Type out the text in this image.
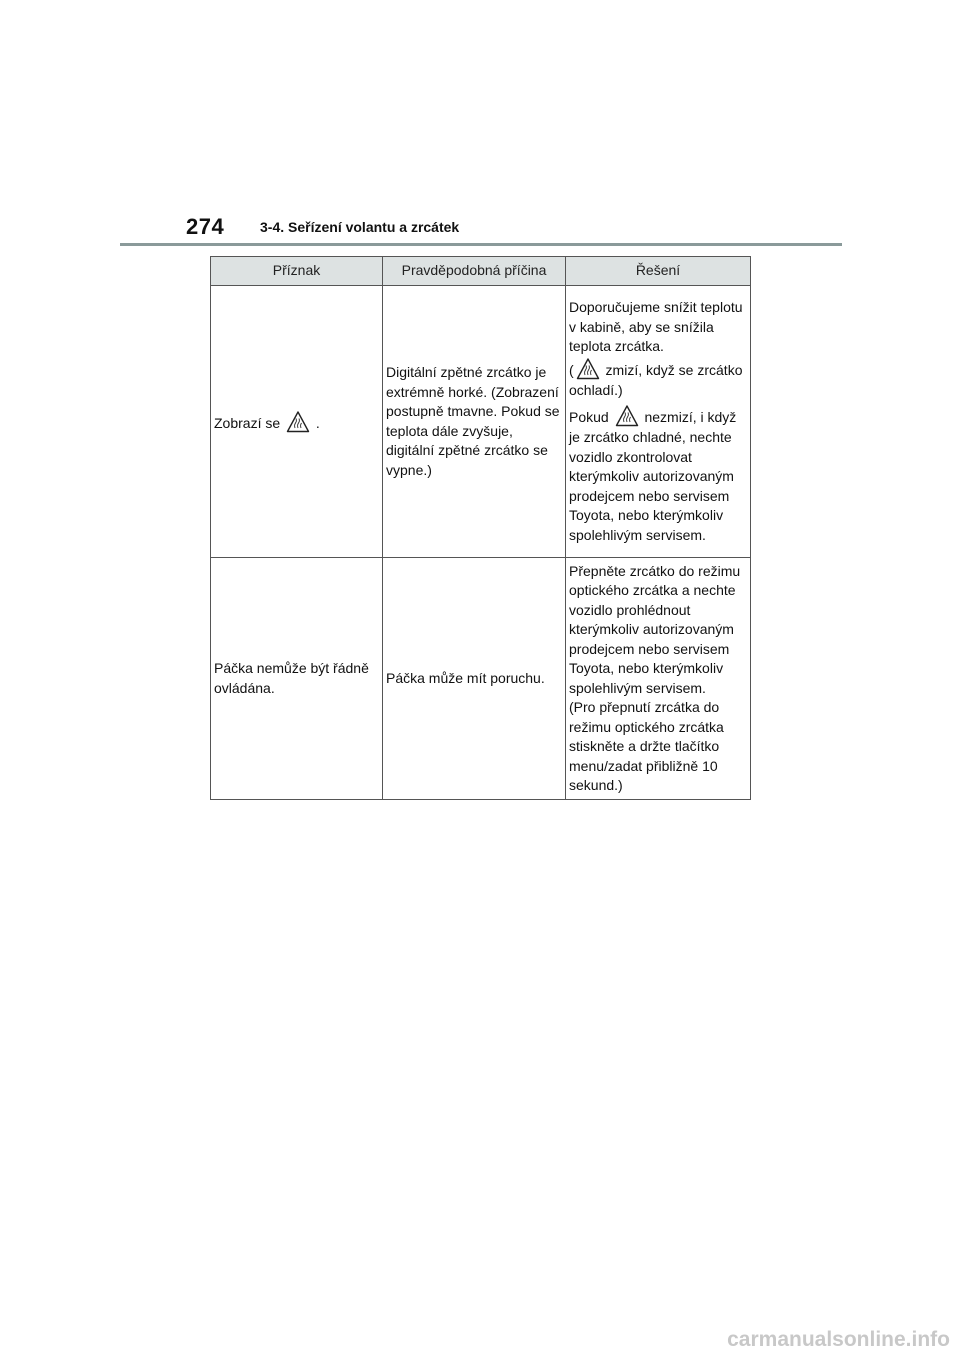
274	3-4. Seřízení volantu a zrcátek
Příznak	Pravděpodobná příčina	Řešení
Zobrazí se  .	Digitální zpětné zrcátko je extrémně horké. (Zobrazení postupně tmavne. Pokud se teplota dále zvyšuje, digitální zpětné zrcátko se vypne.)	Doporučujeme snížit teplotu v kabině, aby se snížila teplota zrcátka.
( zmizí, když se zrcátko ochladí.)

Pokud  nezmizí, i když je zrcátko chladné, nechte vozidlo zkontrolovat kterýmkoliv autorizovaným prodejcem nebo servisem Toyota, nebo kterýmkoliv spolehlivým servisem.

Páčka nemůže být řádně ovládána.	Páčka může mít poruchu.	Přepněte zrcátko do režimu optického zrcátka a nechte vozidlo prohlédnout kterýmkoliv autorizovaným prodejcem nebo servisem Toyota, nebo kterýmkoliv spolehlivým servisem.

(Pro přepnutí zrcátka do režimu optického zrcátka stiskněte a držte tlačítko menu/zadat přibližně 10 sekund.)

carmanualsonline.info
